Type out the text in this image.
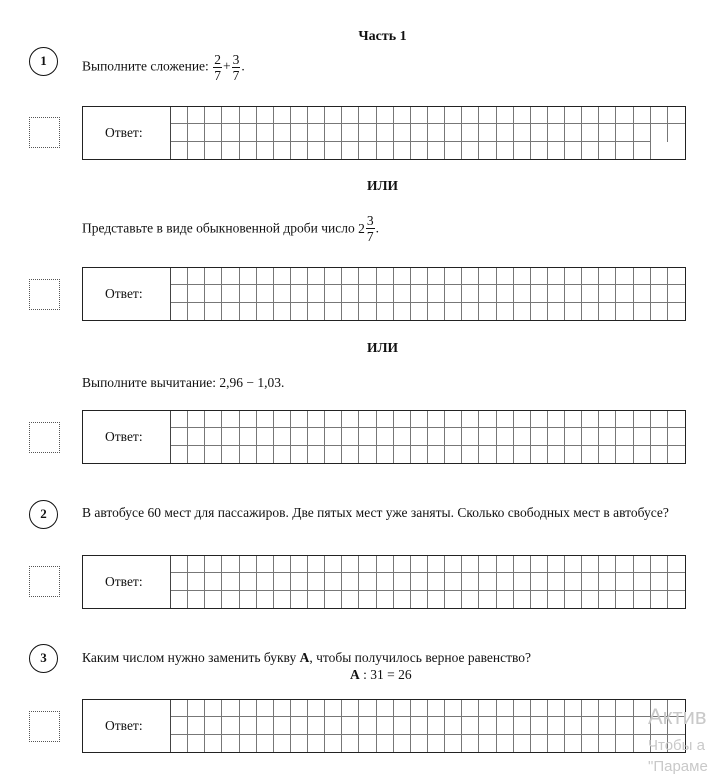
Часть 1
1	Выполните сложение: $\frac{2}{7} + \frac{3}{7}$ .
Ответ:
ИЛИ
Представьте в виде обыкновенной дроби число $2 \frac{3}{7}$ .
Ответ:
ИЛИ
Выполните вычитание: 2,96 − 1,03.
Ответ:
2	В автобусе 60 мест для пассажиров. Две пятых мест уже заняты. Сколько свободных мест в автобусе?
Ответ:
3	Каким числом нужно заменить букву А, чтобы получилось верное равенство?
А : 31 = 26
Ответ:	Актив
Чтобы а
"Параме
